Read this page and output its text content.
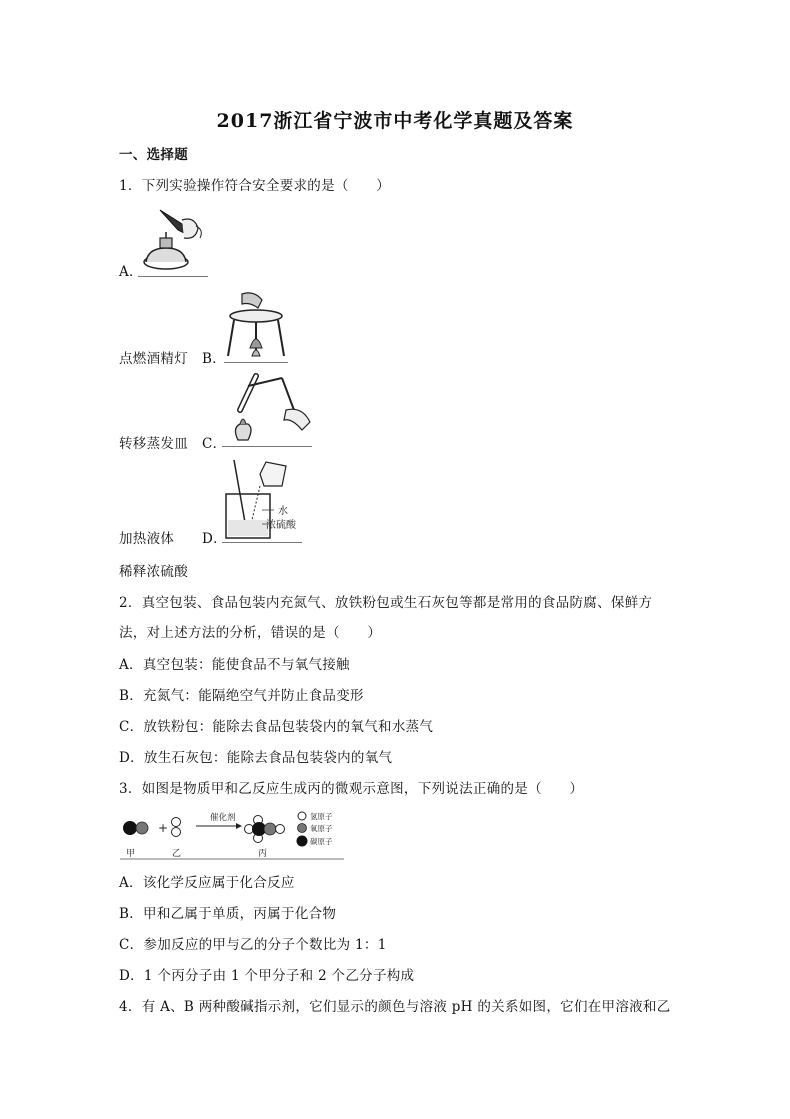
2017浙江省宁波市中考化学真题及答案
一、选择题
1．下列实验操作符合安全要求的是（　　）
A．
点燃酒精灯 B．
转移蒸发皿 C．
加热液体
水
浓硫酸
D．
稀释浓硫酸
2．真空包装、食品包装内充氮气、放铁粉包或生石灰包等都是常用的食品防腐、保鲜方
法，对上述方法的分析，错误的是（　　）
A．真空包装：能使食品不与氧气接触
B．充氮气：能隔绝空气并防止食品变形
C．放铁粉包：能除去食品包装袋内的氧气和水蒸气
D．放生石灰包：能除去食品包装袋内的氧气
3．如图是物质甲和乙反应生成丙的微观示意图，下列说法正确的是（　　）
+
催化剂	氢原子
氧原子
碳原子
甲	乙	丙
A．该化学反应属于化合反应
B．甲和乙属于单质，丙属于化合物
C．参加反应的甲与乙的分子个数比为 1：1
D．1 个丙分子由 1 个甲分子和 2 个乙分子构成
4．有 A、B 两种酸碱指示剂，它们显示的颜色与溶液 pH 的关系如图，它们在甲溶液和乙
